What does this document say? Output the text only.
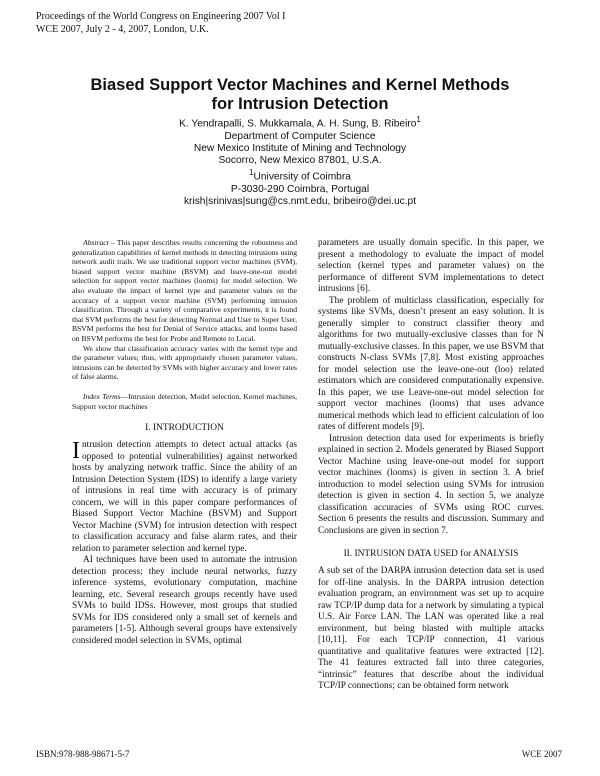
Proceedings of the World Congress on Engineering 2007 Vol I
WCE 2007, July 2 - 4, 2007, London, U.K.
Biased Support Vector Machines and Kernel Methods
for Intrusion Detection
K. Yendrapalli, S. Mukkamala, A. H. Sung, B. Ribeiro$^1$
Department of Computer Science
New Mexico Institute of Mining and Technology
Socorro, New Mexico 87801, U.S.A.
$^1$University of Coimbra
P-3030-290 Coimbra, Portugal
krish|srinivas|sung@cs.nmt.edu, bribeiro@dei.uc.pt

Abstract – This paper describes results concerning the robustness and generalization capabilities of kernel methods in detecting intrusions using network audit trails. We use traditional support vector machines (SVM), biased support vector machine (BSVM) and leave-one-out model selection for support vector machines (looms) for model selection. We also evaluate the impact of kernel type and parameter values on the accuracy of a support vector machine (SVM) performing intrusion classification. Through a variety of comparative experiments, it is found that SVM performs the best for detecting Normal and User to Super User, BSVM performs the best for Denial of Service attacks, and looms based on BSVM performs the best for Probe and Remote to Local.

We show that classification accuracy varies with the kernel type and the parameter values; thus, with appropriately chosen parameter values, intrusions can be detected by SVMs with higher accuracy and lower rates of false alarms.

Index Terms—Intrusion detection, Model selection, Kernel machines, Support vector machines

I. INTRODUCTION

Intrusion detection attempts to detect actual attacks (as opposed to potential vulnerabilities) against networked hosts by analyzing network traffic. Since the ability of an Intrusion Detection System (IDS) to identify a large variety of intrusions in real time with accuracy is of primary concern, we will in this paper compare performances of Biased Support Vector Machine (BSVM) and Support Vector Machine (SVM) for intrusion detection with respect to classification accuracy and false alarm rates, and their relation to parameter selection and kernel type.

AI techniques have been used to automate the intrusion detection process; they include neural networks, fuzzy inference systems, evolutionary computation, machine learning, etc. Several research groups recently have used SVMs to build IDSs. However, most groups that studied SVMs for IDS considered only a small set of kernels and parameters [1-5]. Although several groups have extensively considered model selection in SVMs, optimal

parameters are usually domain specific. In this paper, we present a methodology to evaluate the impact of model selection (kernel types and parameter values) on the performance of different SVM implementations to detect intrusions [6].

The problem of multiclass classification, especially for systems like SVMs, doesn’t present an easy solution. It is generally simpler to construct classifier theory and algorithms for two mutually-exclusive classes than for N mutually-exclusive classes. In this paper, we use BSVM that constructs N-class SVMs [7,8]. Most existing approaches for model selection use the leave-one-out (loo) related estimators which are considered computationally expensive. In this paper, we use Leave-one-out model selection for support vector machines (looms) that uses advance numerical methods which lead to efficient calculation of loo rates of different models [9].

Intrusion detection data used for experiments is briefly explained in section 2. Models generated by Biased Support Vector Machine using leave-one-out model for support vector machines (looms) is given in section 3. A brief introduction to model selection using SVMs for intrusion detection is given in section 4. In section 5, we analyze classification accuracies of SVMs using ROC curves. Section 6 presents the results and discussion. Summary and Conclusions are given in section 7.

II. INTRUSION DATA USED for ANALYSIS

A sub set of the DARPA intrusion detection data set is used for off-line analysis. In the DARPA intrusion detection evaluation program, an environment was set up to acquire raw TCP/IP dump data for a network by simulating a typical U.S. Air Force LAN. The LAN was operated like a real environment, but being blasted with multiple attacks [10,11]. For each TCP/IP connection, 41 various quantitative and qualitative features were extracted [12]. The 41 features extracted fall into three categories, “intrinsic” features that describe about the individual TCP/IP connections; can be obtained form network

ISBN:978-988-98671-5-7	WCE 2007
